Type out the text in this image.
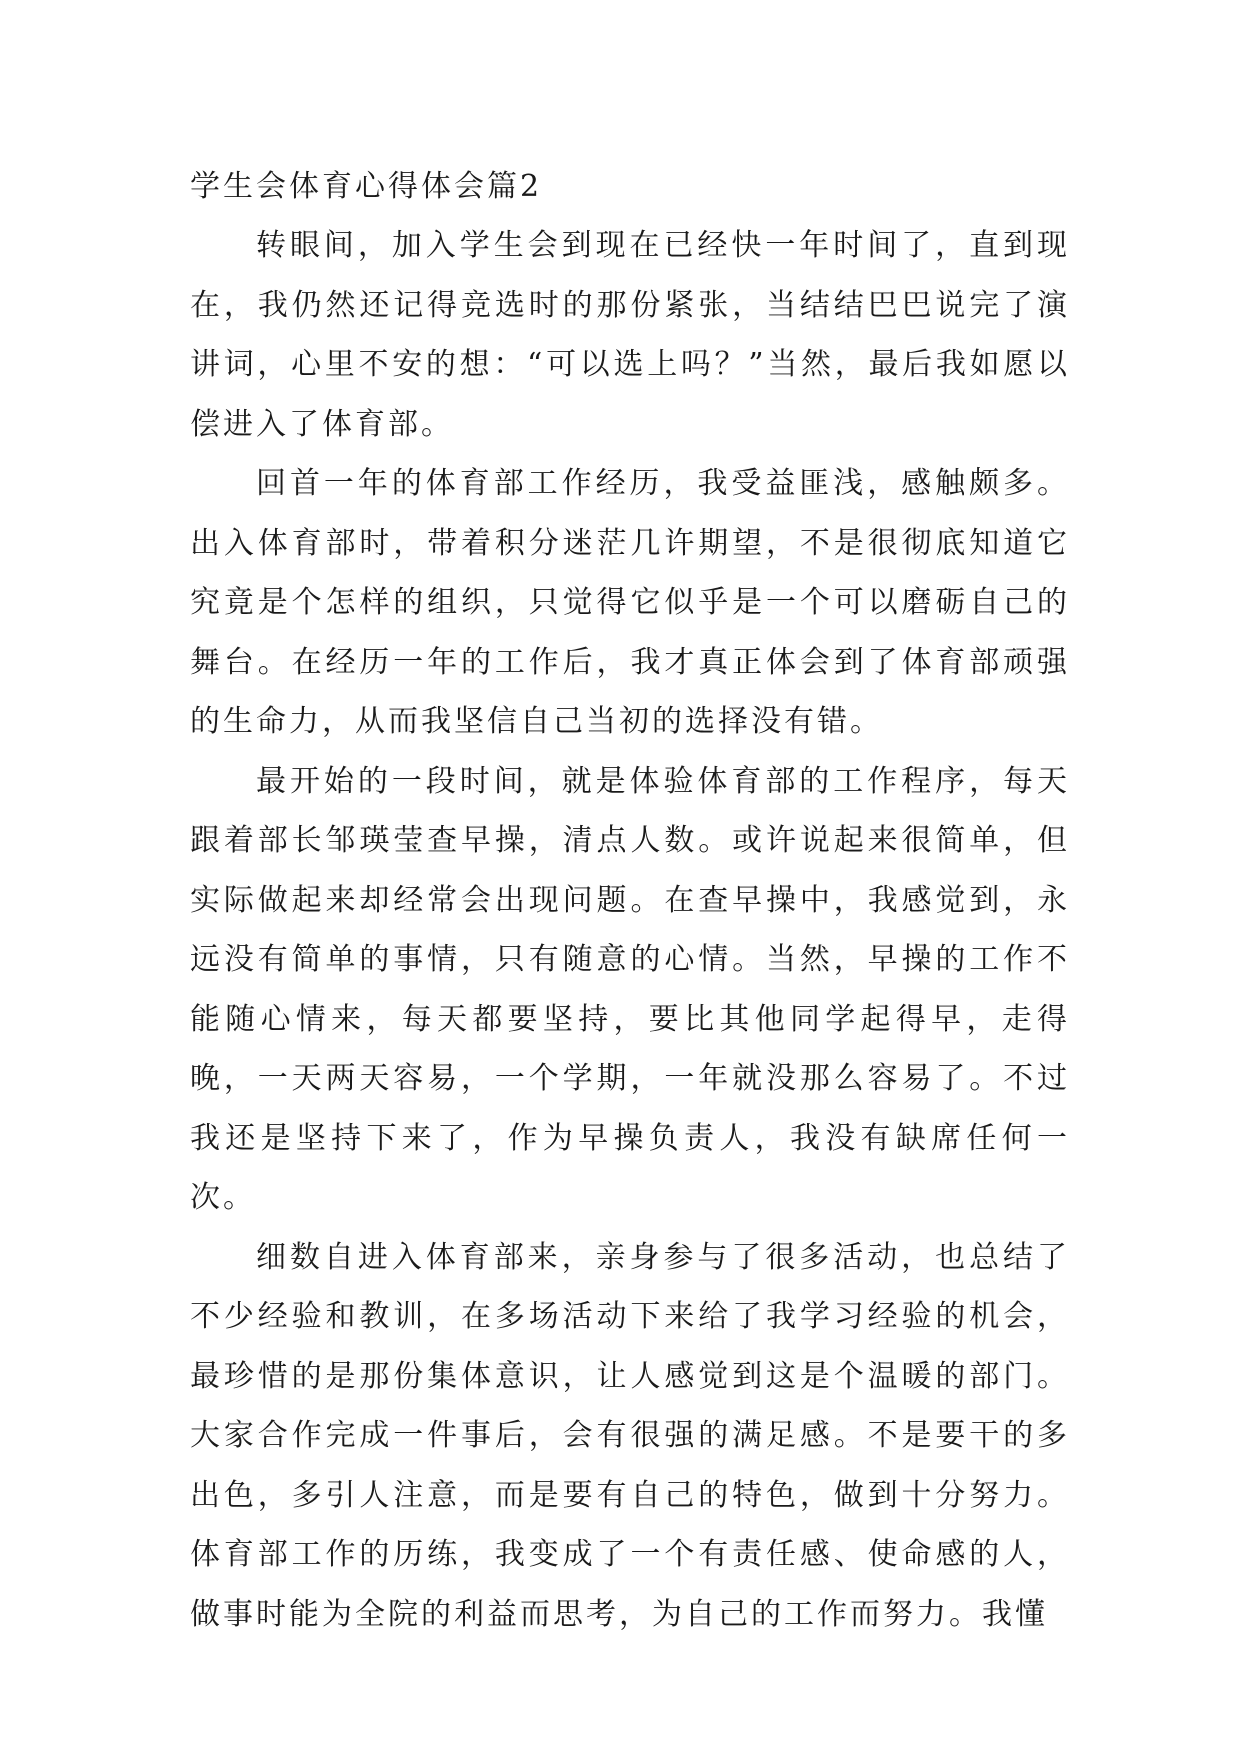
学生会体育心得体会篇2

转眼间，加入学生会到现在已经快一年时间了，直到现在，我仍然还记得竞选时的那份紧张，当结结巴巴说完了演讲词，心里不安的想：“可以选上吗？”当然，最后我如愿以偿进入了体育部。

回首一年的体育部工作经历，我受益匪浅，感触颇多。出入体育部时，带着积分迷茫几许期望，不是很彻底知道它究竟是个怎样的组织，只觉得它似乎是一个可以磨砺自己的舞台。在经历一年的工作后，我才真正体会到了体育部顽强的生命力，从而我坚信自己当初的选择没有错。

最开始的一段时间，就是体验体育部的工作程序，每天跟着部长邹瑛莹查早操，清点人数。或许说起来很简单，但实际做起来却经常会出现问题。在查早操中，我感觉到，永远没有简单的事情，只有随意的心情。当然，早操的工作不能随心情来，每天都要坚持，要比其他同学起得早，走得晚，一天两天容易，一个学期，一年就没那么容易了。不过我还是坚持下来了，作为早操负责人，我没有缺席任何一次。

细数自进入体育部来，亲身参与了很多活动，也总结了不少经验和教训，在多场活动下来给了我学习经验的机会，最珍惜的是那份集体意识，让人感觉到这是个温暖的部门。大家合作完成一件事后，会有很强的满足感。不是要干的多出色，多引人注意，而是要有自己的特色，做到十分努力。体育部工作的历练，我变成了一个有责任感、使命感的人，做事时能为全院的利益而思考，为自己的工作而努力。我懂
